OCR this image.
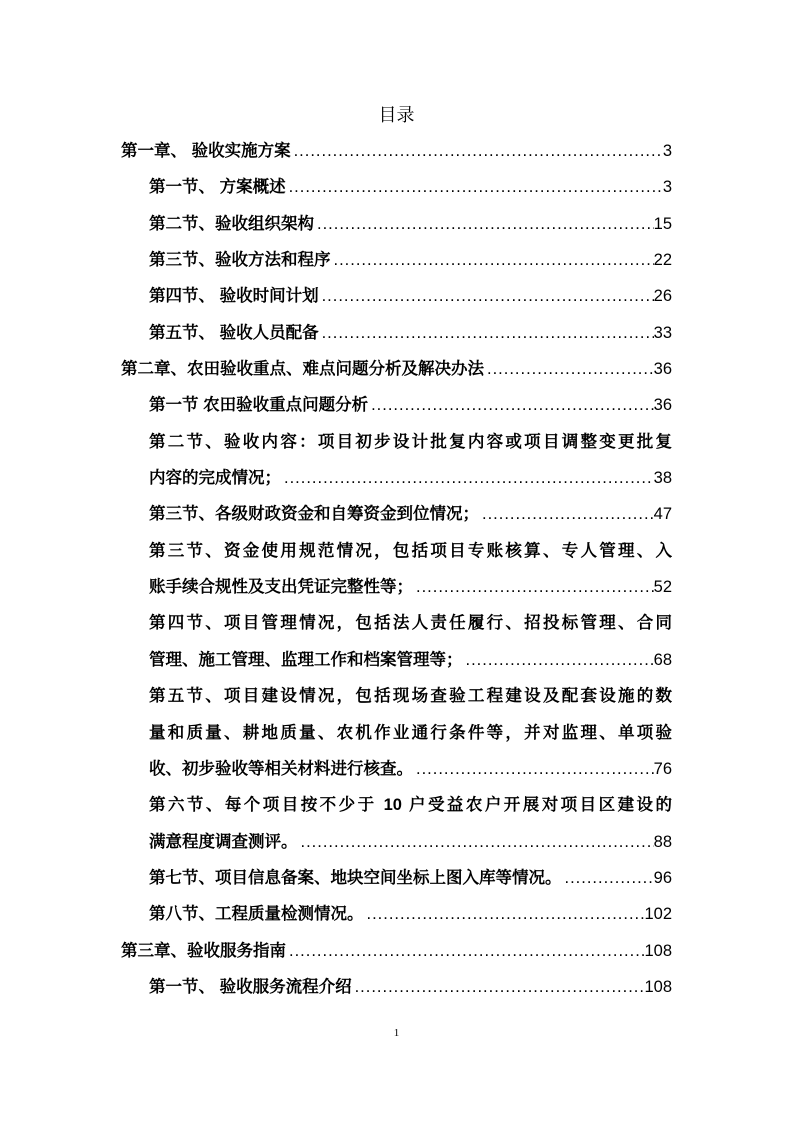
目录
第一章、 验收实施方案 .....	3
第一节、 方案概述 .....	3
第二节、验收组织架构 .....	15
第三节、验收方法和程序 .....	22
第四节、 验收时间计划 .....	26
第五节、 验收人员配备 .....	33
第二章、农田验收重点、难点问题分析及解决办法 .....	36
第一节 农田验收重点问题分析 .....	36
第二节、验收内容：项目初步设计批复内容或项目调整变更批复
内容的完成情况； .....	38
第三节、各级财政资金和自筹资金到位情况； .....	47
第三节、资金使用规范情况，包括项目专账核算、专人管理、入
账手续合规性及支出凭证完整性等； .....	52
第四节、项目管理情况，包括法人责任履行、招投标管理、合同
管理、施工管理、监理工作和档案管理等； .....	68
第五节、项目建设情况，包括现场查验工程建设及配套设施的数
量和质量、耕地质量、农机作业通行条件等，并对监理、单项验
收、初步验收等相关材料进行核查。 .....	76
第六节、每个项目按不少于 10 户受益农户开展对项目区建设的
满意程度调查测评。 .....	88
第七节、项目信息备案、地块空间坐标上图入库等情况。 .....	96
第八节、工程质量检测情况。 .....	102
第三章、验收服务指南 .....	108
第一节、 验收服务流程介绍 .....	108
1
